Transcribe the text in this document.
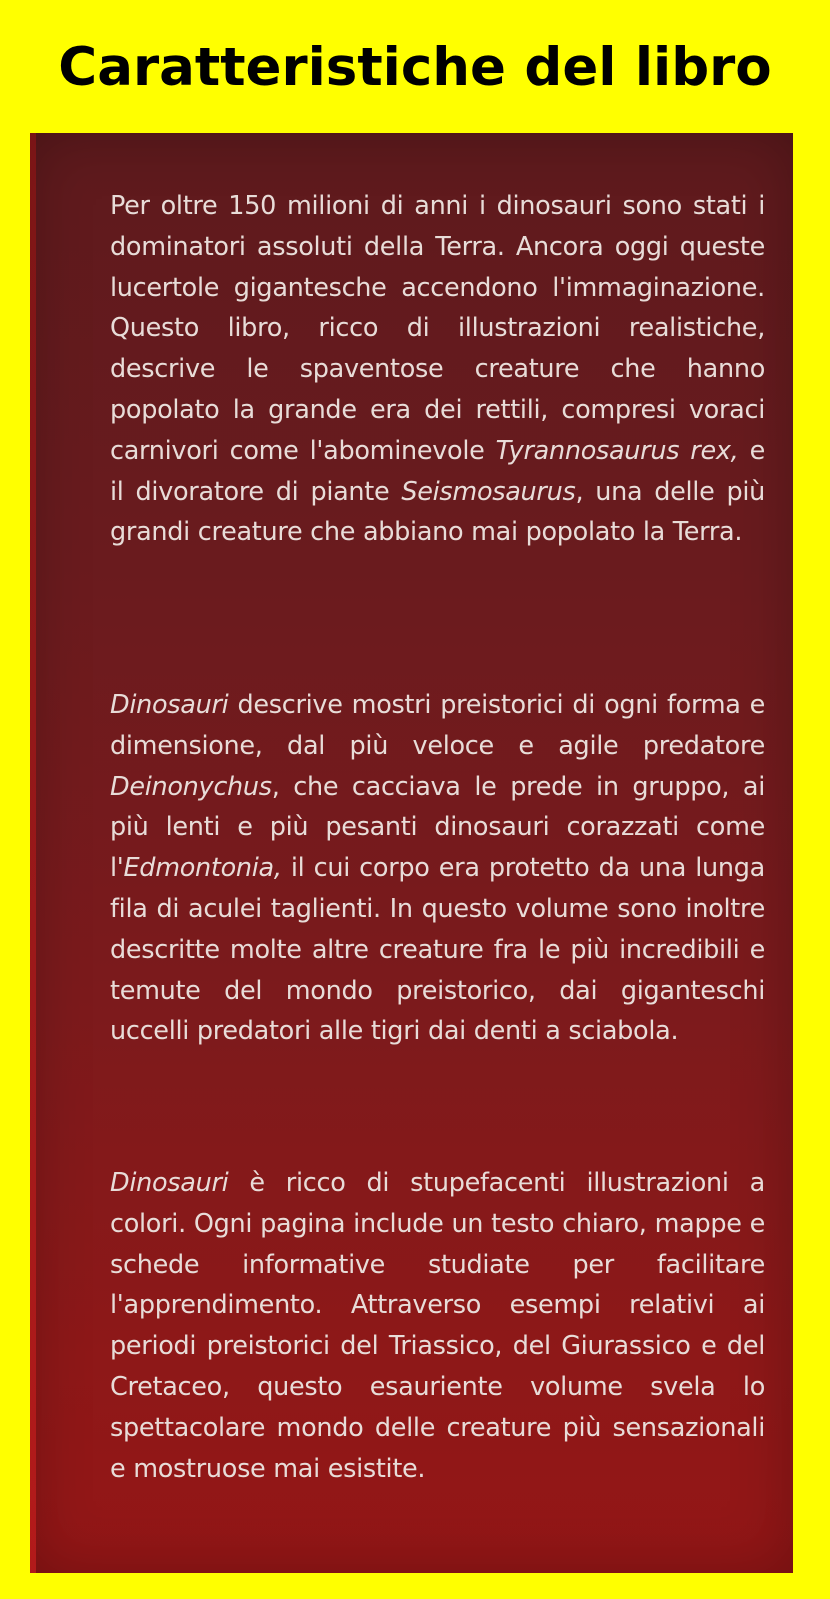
Caratteristiche del libro

Per oltre 150 milioni di anni i dinosauri sono stati i dominatori assoluti della Terra. Ancora oggi queste lucertole gigantesche accendono l'immaginazione. Questo libro, ricco di illustrazioni realistiche, descrive le spaventose creature che hanno popolato la grande era dei rettili, compresi voraci carnivori come l'abominevole Tyrannosaurus rex, e il divoratore di piante Seismosaurus, una delle più grandi creature che abbiano mai popolato la Terra.

Dinosauri descrive mostri preistorici di ogni forma e dimensione, dal più veloce e agile predatore Deinonychus, che cacciava le prede in gruppo, ai più lenti e più pesanti dinosauri corazzati come l'Edmontonia, il cui corpo era protetto da una lunga fila di aculei taglienti. In questo volume sono inoltre descritte molte altre creature fra le più incredibili e temute del mondo preistorico, dai giganteschi uccelli predatori alle tigri dai denti a sciabola.

Dinosauri è ricco di stupefacenti illustrazioni a colori. Ogni pagina include un testo chiaro, mappe e schede informative studiate per facilitare l'apprendimento. Attraverso esempi relativi ai periodi preistorici del Triassico, del Giurassico e del Cretaceo, questo esauriente volume svela lo spettacolare mondo delle creature più sensazionali e mostruose mai esistite.
